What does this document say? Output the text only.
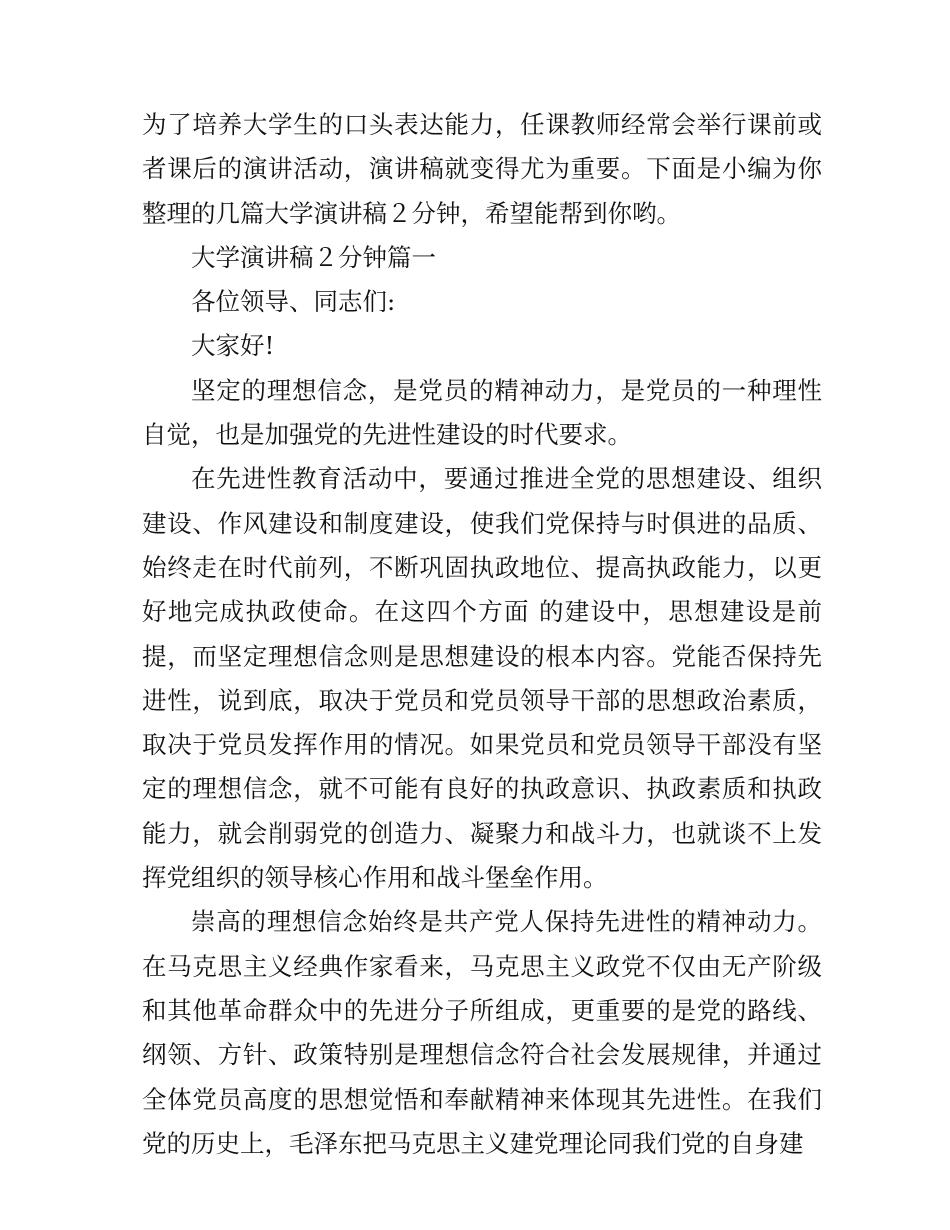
为了培养大学生的口头表达能力，任课教师经常会举行课前或者课后的演讲活动，演讲稿就变得尤为重要。下面是小编为你整理的几篇大学演讲稿２分钟，希望能帮到你哟。

大学演讲稿２分钟篇一

各位领导、同志们:

大家好!

坚定的理想信念，是党员的精神动力，是党员的一种理性自觉，也是加强党的先进性建设的时代要求。

在先进性教育活动中，要通过推进全党的思想建设、组织建设、作风建设和制度建设，使我们党保持与时俱进的品质、始终走在时代前列，不断巩固执政地位、提高执政能力，以更好地完成执政使命。在这四个方面 的建设中，思想建设是前提，而坚定理想信念则是思想建设的根本内容。党能否保持先进性，说到底，取决于党员和党员领导干部的思想政治素质，取决于党员发挥作用的情况。如果党员和党员领导干部没有坚定的理想信念，就不可能有良好的执政意识、执政素质和执政能力，就会削弱党的创造力、凝聚力和战斗力，也就谈不上发挥党组织的领导核心作用和战斗堡垒作用。

崇高的理想信念始终是共产党人保持先进性的精神动力。在马克思主义经典作家看来，马克思主义政党不仅由无产阶级和其他革命群众中的先进分子所组成，更重要的是党的路线、纲领、方针、政策特别是理想信念符合社会发展规律，并通过全体党员高度的思想觉悟和奉献精神来体现其先进性。在我们党的历史上，毛泽东把马克思主义建党理论同我们党的自身建
